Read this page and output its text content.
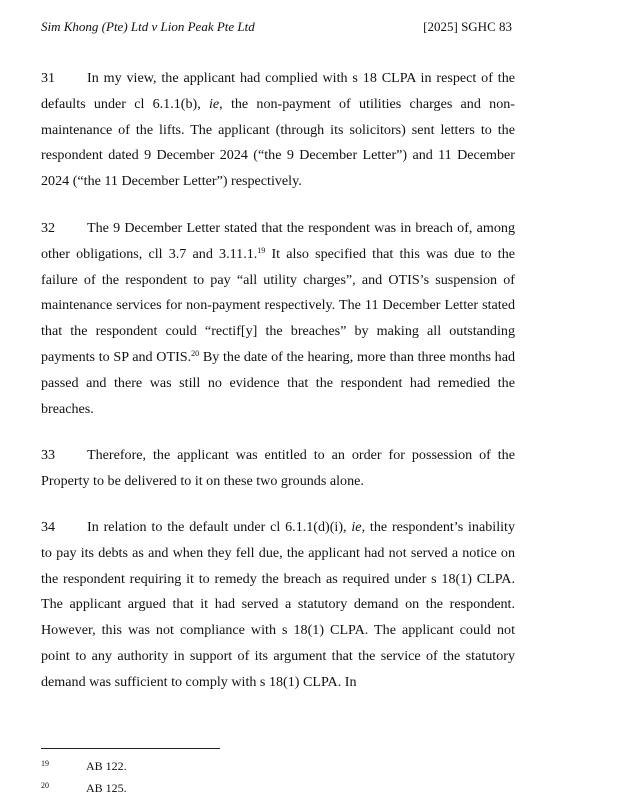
Sim Khong (Pte) Ltd v Lion Peak Pte Ltd	[2025] SGHC 83
31 In my view, the applicant had complied with s 18 CLPA in respect of the defaults under cl 6.1.1(b), ie, the non-payment of utilities charges and non-maintenance of the lifts. The applicant (through its solicitors) sent letters to the respondent dated 9 December 2024 (“the 9 December Letter”) and 11 December 2024 (“the 11 December Letter”) respectively.
32 The 9 December Letter stated that the respondent was in breach of, among other obligations, cll 3.7 and 3.11.1.19 It also specified that this was due to the failure of the respondent to pay “all utility charges”, and OTIS’s suspension of maintenance services for non-payment respectively. The 11 December Letter stated that the respondent could “rectif[y] the breaches” by making all outstanding payments to SP and OTIS.$^{20}$ By the date of the hearing, more than three months had passed and there was still no evidence that the respondent had remedied the breaches.
33 Therefore, the applicant was entitled to an order for possession of the Property to be delivered to it on these two grounds alone.
34 In relation to the default under cl 6.1.1(d)(i), ie, the respondent’s inability to pay its debts as and when they fell due, the applicant had not served a notice on the respondent requiring it to remedy the breach as required under s 18(1) CLPA. The applicant argued that it had served a statutory demand on the respondent. However, this was not compliance with s 18(1) CLPA. The applicant could not point to any authority in support of its argument that the service of the statutory demand was sufficient to comply with s 18(1) CLPA. In
19	AB 122.
20	AB 125.
